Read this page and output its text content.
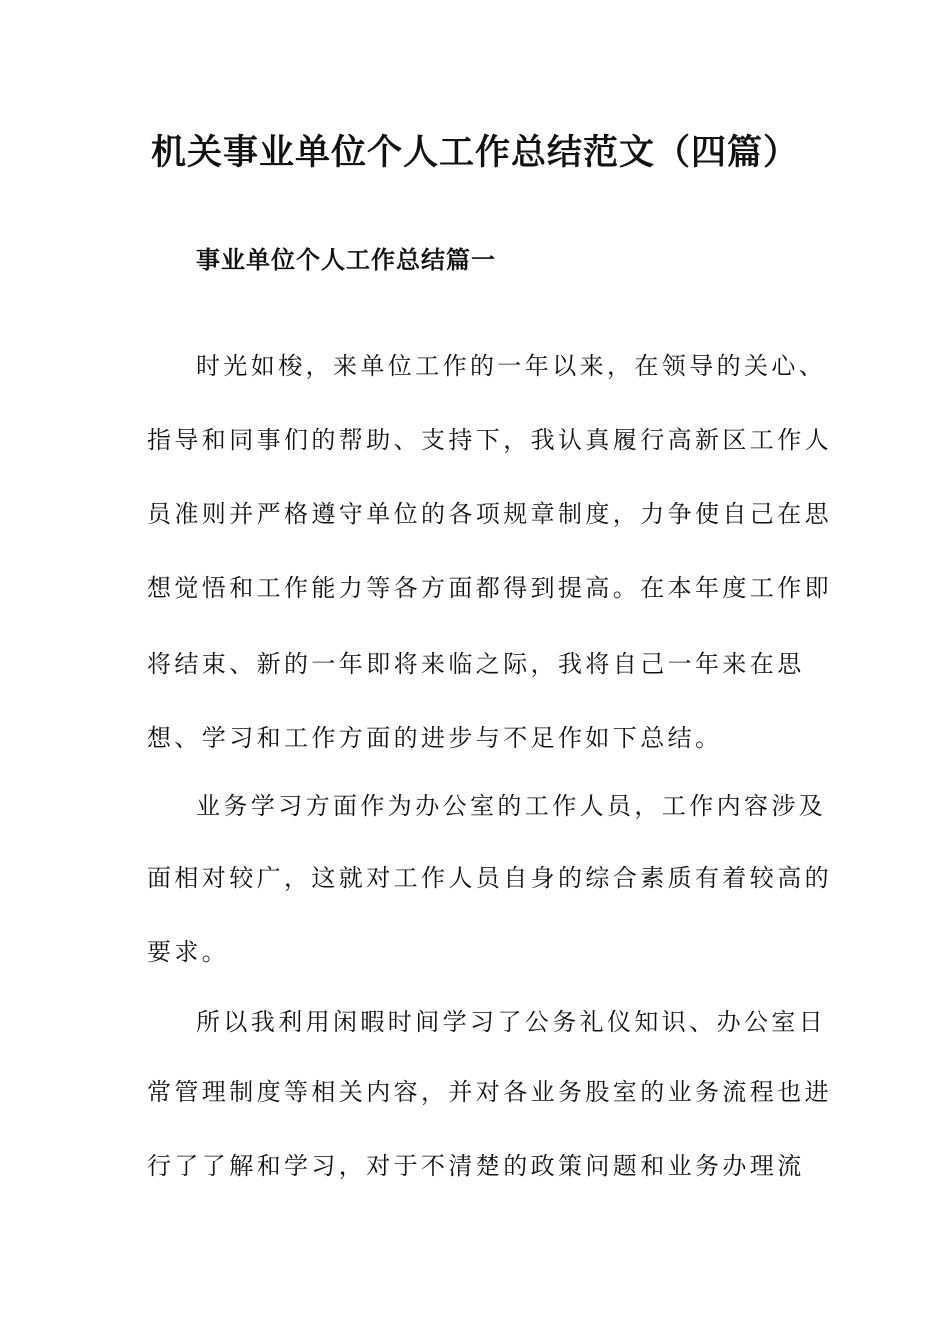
机关事业单位个人工作总结范文（四篇）
事业单位个人工作总结篇一
时光如梭，来单位工作的一年以来，在领导的关心、
指导和同事们的帮助、支持下，我认真履行高新区工作人
员准则并严格遵守单位的各项规章制度，力争使自己在思
想觉悟和工作能力等各方面都得到提高。在本年度工作即
将结束、新的一年即将来临之际，我将自己一年来在思
想、学习和工作方面的进步与不足作如下总结。
业务学习方面作为办公室的工作人员，工作内容涉及
面相对较广，这就对工作人员自身的综合素质有着较高的
要求。
所以我利用闲暇时间学习了公务礼仪知识、办公室日
常管理制度等相关内容，并对各业务股室的业务流程也进
行了了解和学习，对于不清楚的政策问题和业务办理流
